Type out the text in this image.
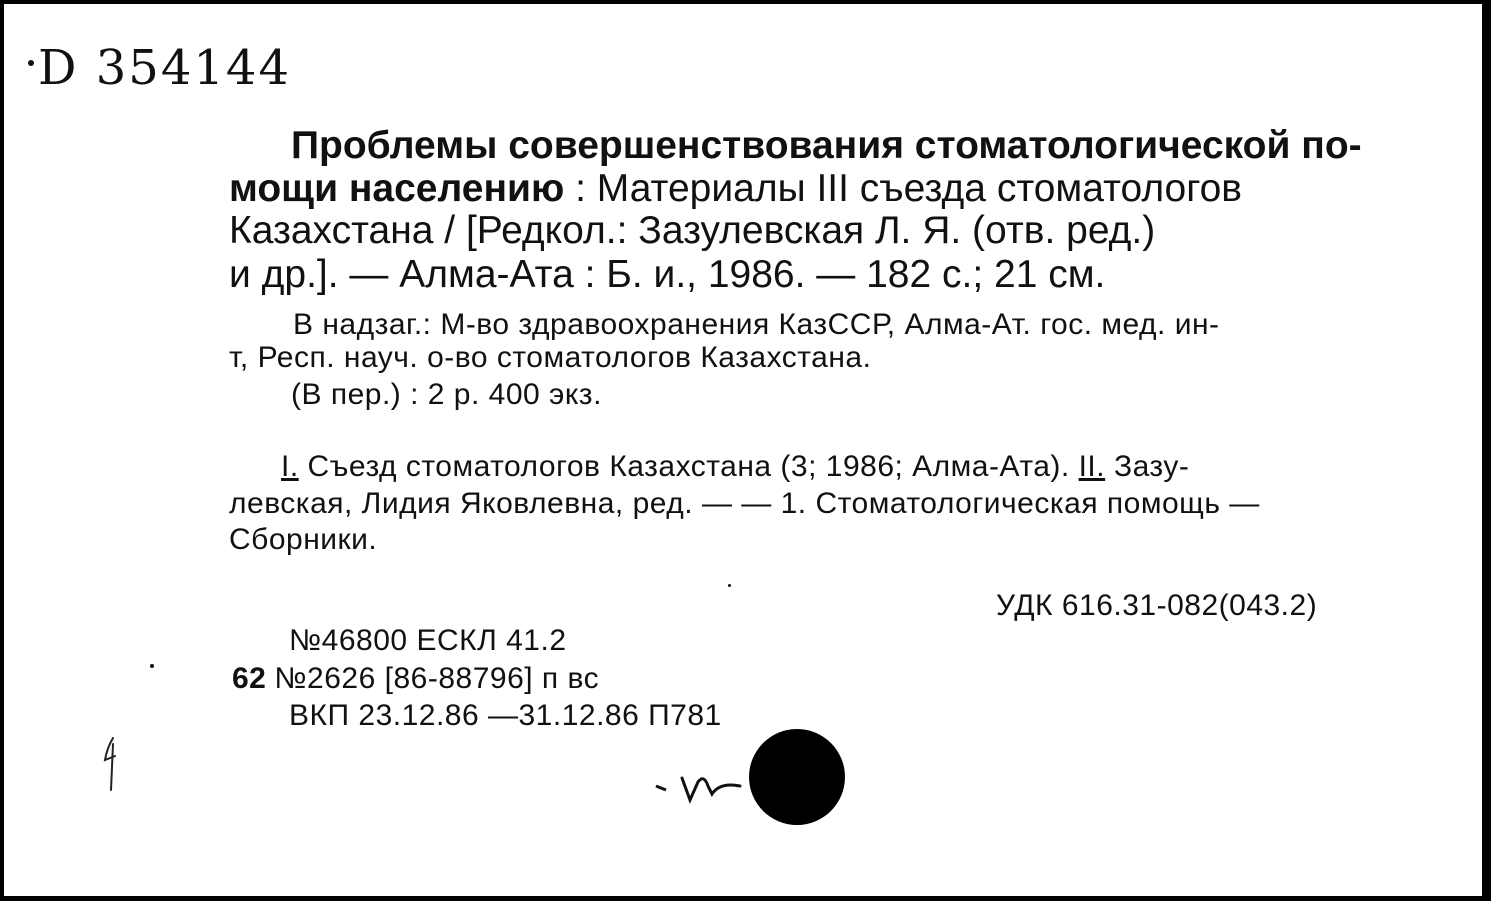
D 354144
Проблемы совершенствования стоматологической по-
мощи населению : Материалы III съезда стоматологов
Казахстана / [Редкол.: Зазулевская Л. Я. (отв. ред.)
и др.]. — Алма-Ата : Б. и., 1986. — 182 с.; 21 см.
В надзаг.: М-во здравоохранения КазССР, Алма-Ат. гос. мед. ин-
т, Респ. науч. о-во стоматологов Казахстана.
(В пер.) : 2 р. 400 экз.
I. Съезд стоматологов Казахстана (3; 1986; Алма-Ата). II. Зазу-
левская, Лидия Яковлевна, ред. — — 1. Стоматологическая помощь —
Сборники.
УДК 616.31-082(043.2)
№46800 ЕСКЛ 41.2
62 №2626 [86-88796] п вс
ВКП 23.12.86 —31.12.86 П781
